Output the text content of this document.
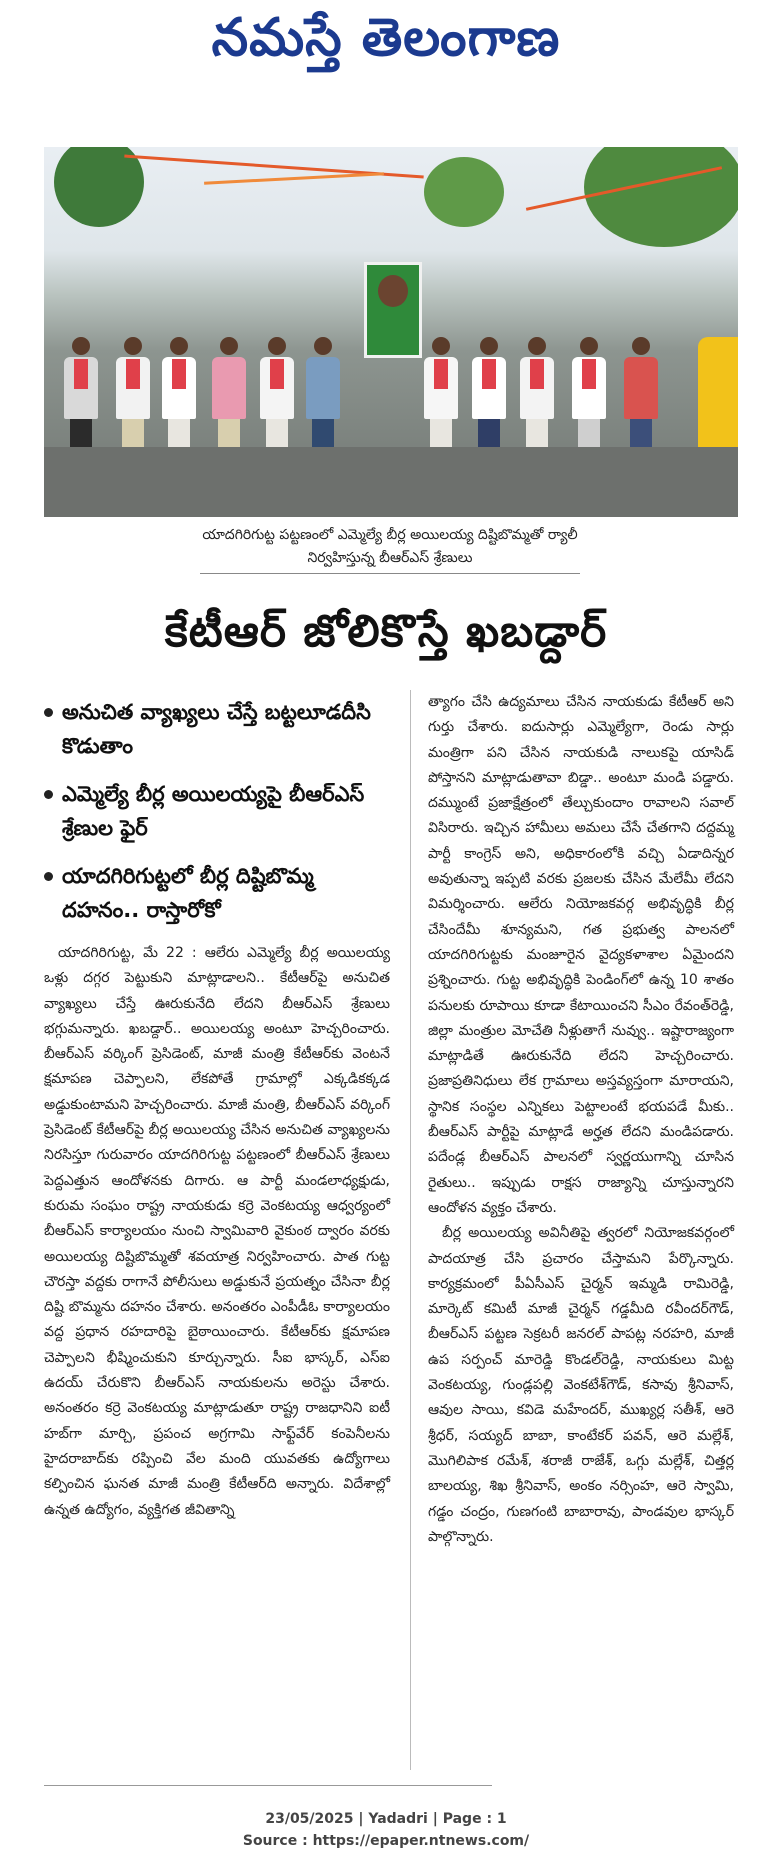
నమస్తే తెలంగాణ
యాదగిరిగుట్ట పట్టణంలో ఎమ్మెల్యే బీర్ల అయిలయ్య దిష్టిబొమ్మతో ర్యాలీ నిర్వహిస్తున్న బీఆర్ఎస్ శ్రేణులు
కేటీఆర్ జోలికొస్తే ఖబడ్దార్
అనుచిత వ్యాఖ్యలు చేస్తే బట్టలూడదీసి కొడుతాం
ఎమ్మెల్యే బీర్ల అయిలయ్యపై బీఆర్ఎస్ శ్రేణుల ఫైర్
యాదగిరిగుట్టలో బీర్ల దిష్టిబొమ్మ దహనం.. రాస్తారోకో

యాదగిరిగుట్ట, మే 22 : ఆలేరు ఎమ్మెల్యే బీర్ల అయిలయ్య ఒళ్లు దగ్గర పెట్టుకుని మాట్లాడాలని.. కేటీఆర్‌పై అనుచిత వ్యాఖ్యలు చేస్తే ఊరుకునేది లేదని బీఆర్ఎస్ శ్రేణులు భగ్గుమన్నారు. ఖబడ్దార్.. అయిలయ్య అంటూ హెచ్చరించారు. బీఆర్ఎస్ వర్కింగ్ ప్రెసిడెంట్, మాజీ మంత్రి కేటీఆర్‌కు వెంటనే క్షమాపణ చెప్పాలని, లేకపోతే గ్రామాల్లో ఎక్కడికక్కడ అడ్డుకుంటామని హెచ్చరించారు. మాజీ మంత్రి, బీఆర్ఎస్ వర్కింగ్ ప్రెసిడెంట్ కేటీఆర్‌పై బీర్ల అయిలయ్య చేసిన అనుచిత వ్యాఖ్యలను నిరసిస్తూ గురువారం యాదగిరిగుట్ట పట్టణంలో బీఆర్ఎస్ శ్రేణులు పెద్దఎత్తున ఆందోళనకు దిగారు. ఆ పార్టీ మండలాధ్యక్షుడు, కురుమ సంఘం రాష్ట్ర నాయకుడు కర్రె వెంకటయ్య ఆధ్వర్యంలో బీఆర్ఎస్ కార్యాలయం నుంచి స్వామివారి వైకుంఠ ద్వారం వరకు అయిలయ్య దిష్టిబొమ్మతో శవయాత్ర నిర్వహించారు. పాత గుట్ట చౌరస్తా వద్దకు రాగానే పోలీసులు అడ్డుకునే ప్రయత్నం చేసినా బీర్ల దిష్టి బొమ్మను దహనం చేశారు. అనంతరం ఎంపీడీఓ కార్యాలయం వద్ద ప్రధాన రహదారిపై బైఠాయించారు. కేటీఆర్‌కు క్షమాపణ చెప్పాలని భీష్మించుకుని కూర్చున్నారు. సీఐ భాస్కర్, ఎస్ఐ ఉదయ్ చేరుకొని బీఆర్ఎస్ నాయకులను అరెస్టు చేశారు. అనంతరం కర్రె వెంకటయ్య మాట్లాడుతూ రాష్ట్ర రాజధానిని ఐటీ హబ్‌గా మార్చి, ప్రపంచ అగ్రగామి సాఫ్ట్‌వేర్ కంపెనీలను హైదరాబాద్‌కు రప్పించి వేల మంది యువతకు ఉద్యోగాలు కల్పించిన ఘనత మాజీ మంత్రి కేటీఆర్‌ది అన్నారు. విదేశాల్లో ఉన్నత ఉద్యోగం, వ్యక్తిగత జీవితాన్ని

త్యాగం చేసి ఉద్యమాలు చేసిన నాయకుడు కేటీఆర్ అని గుర్తు చేశారు. ఐదుసార్లు ఎమ్మెల్యేగా, రెండు సార్లు మంత్రిగా పని చేసిన నాయకుడి నాలుకపై యాసిడ్ పోస్తానని మాట్లాడుతావా బిడ్డా.. అంటూ మండి పడ్డారు. దమ్ముంటే ప్రజాక్షేత్రంలో తేల్చుకుందాం రావాలని సవాల్ విసిరారు. ఇచ్చిన హామీలు అమలు చేసే చేతగాని దద్దమ్మ పార్టీ కాంగ్రెస్ అని, అధికారంలోకి వచ్చి ఏడాదిన్నర అవుతున్నా ఇప్పటి వరకు ప్రజలకు చేసిన మేలేమీ లేదని విమర్శించారు. ఆలేరు నియోజకవర్గ అభివృద్ధికి బీర్ల చేసిందేమీ శూన్యమని, గత ప్రభుత్వ పాలనలో యాదగిరిగుట్టకు మంజూరైన వైద్యకళాశాల ఏమైందని ప్రశ్నించారు. గుట్ట అభివృద్ధికి పెండింగ్‌లో ఉన్న 10 శాతం పనులకు రూపాయి కూడా కేటాయించని సీఎం రేవంత్‌రెడ్డి, జిల్లా మంత్రుల మోచేతి నీళ్లుతాగే నువ్వు.. ఇష్టారాజ్యంగా మాట్లాడితే ఊరుకునేది లేదని హెచ్చరించారు. ప్రజాప్రతినిధులు లేక గ్రామాలు అస్తవ్యస్తంగా మారాయని, స్థానిక సంస్థల ఎన్నికలు పెట్టాలంటే భయపడే మీకు.. బీఆర్ఎస్ పార్టీపై మాట్లాడే అర్హత లేదని మండిపడారు. పదేండ్ల బీఆర్ఎస్ పాలనలో స్వర్ణయుగాన్ని చూసిన రైతులు.. ఇప్పుడు రాక్షస రాజ్యాన్ని చూస్తున్నారని ఆందోళన వ్యక్తం చేశారు.

బీర్ల అయిలయ్య అవినీతిపై త్వరలో నియోజకవర్గంలో పాదయాత్ర చేసి ప్రచారం చేస్తామని పేర్కొన్నారు. కార్యక్రమంలో పీఏసీఎస్ చైర్మన్ ఇమ్మడి రామిరెడ్డి, మార్కెట్ కమిటీ మాజీ చైర్మన్ గడ్డమీది రవీందర్‌గౌడ్, బీఆర్ఎస్ పట్టణ సెక్రటరీ జనరల్ పాపట్ల నరహరి, మాజీ ఉప సర్పంచ్ మారెడ్డి కొండల్‌రెడ్డి, నాయకులు మిట్ట వెంకటయ్య, గుండ్లపల్లి వెంకటేశ్‌గౌడ్, కసావు శ్రీనివాస్, ఆవుల సాయి, కవిడె మహేందర్, ముఖ్యర్ల సతీశ్, ఆరె శ్రీధర్, సయ్యద్ బాబా, కాంటేకర్ పవన్, ఆరె మల్లేశ్, మొగిలిపాక రమేశ్, శరాజీ రాజేశ్, ఒగ్గు మల్లేశ్, చిత్తర్ల బాలయ్య, శిఖ శ్రీనివాస్, అంకం నర్సింహ, ఆరె స్వామి, గడ్డం చంద్రం, గుణగంటి బాబారావు, పాండవుల భాస్కర్ పాల్గొన్నారు.

23/05/2025 | Yadadri | Page : 1
Source : https://epaper.ntnews.com/
